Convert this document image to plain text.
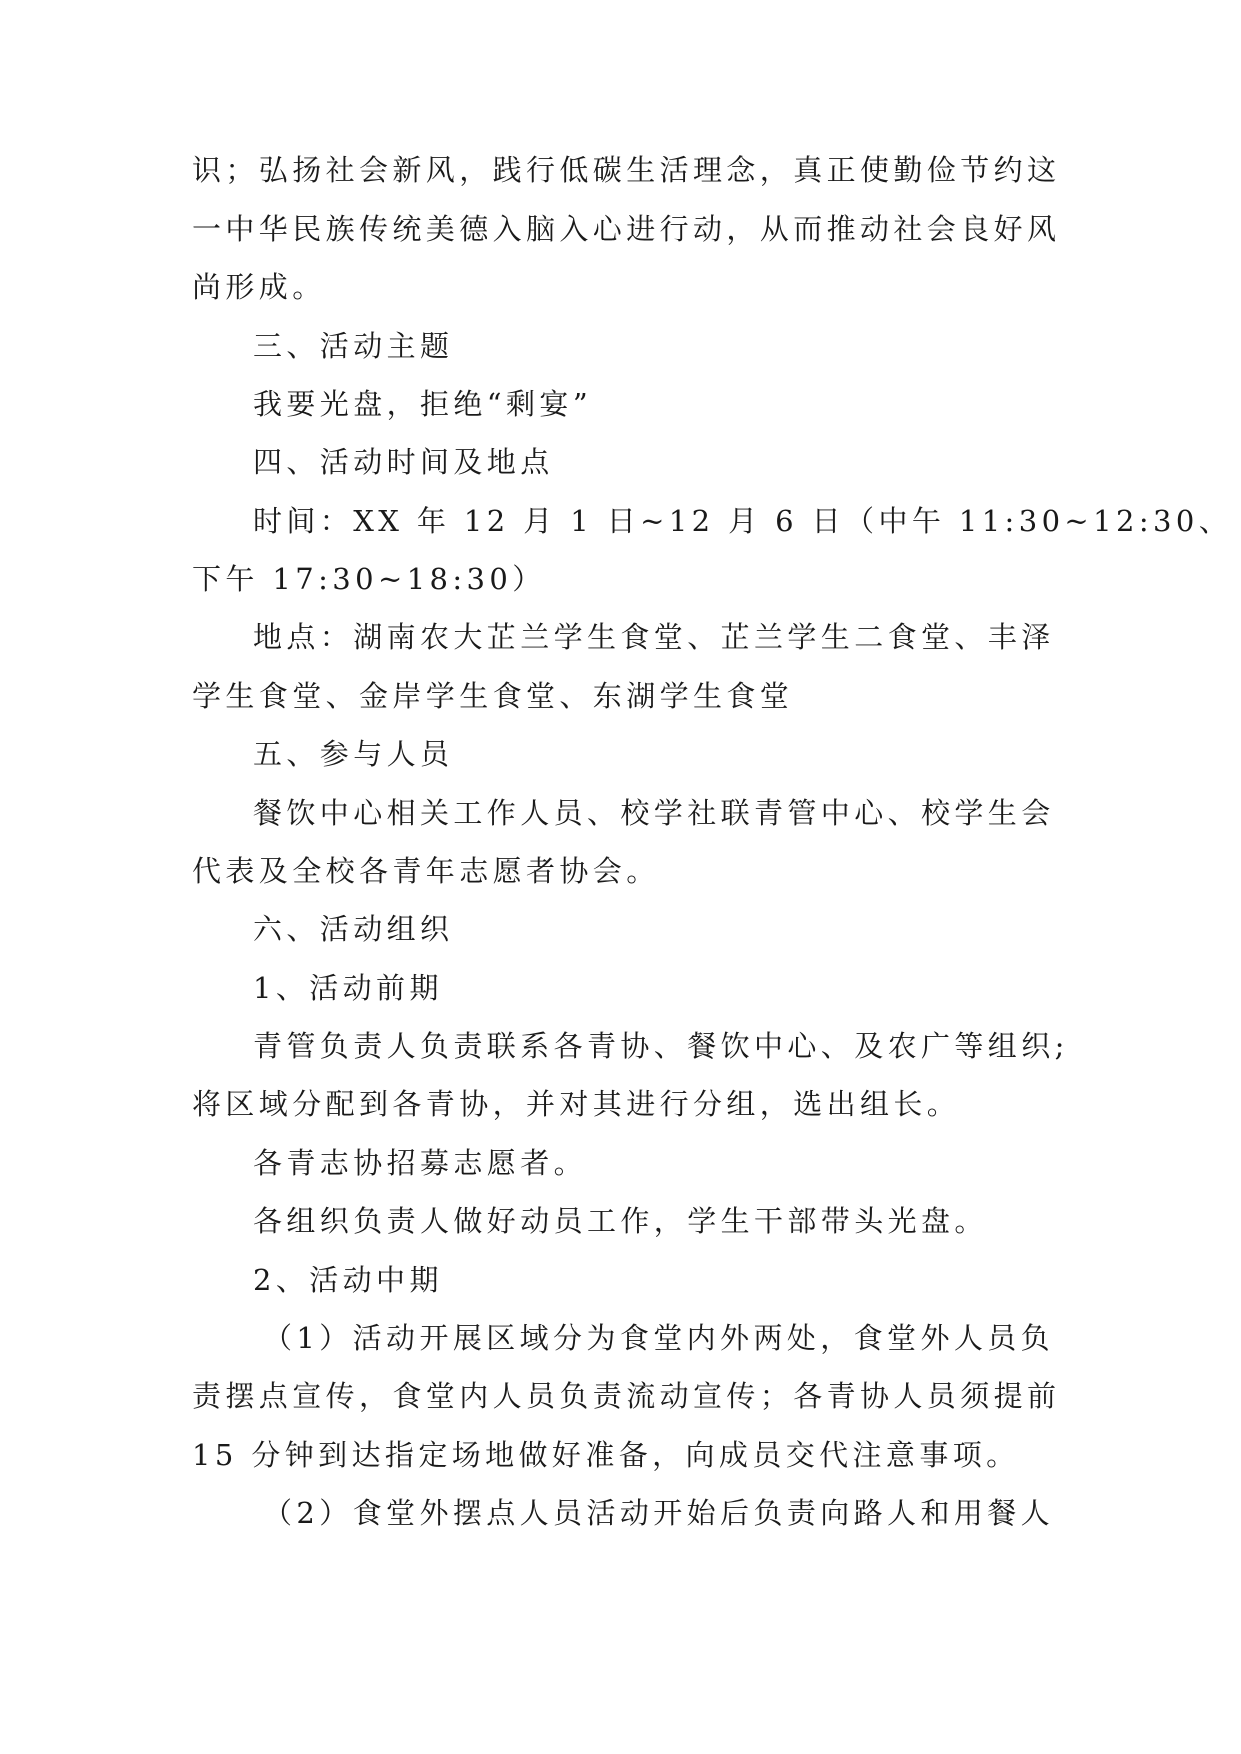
识；弘扬社会新风，践行低碳生活理念，真正使勤俭节约这
一中华民族传统美德入脑入心进行动，从而推动社会良好风
尚形成。
三、活动主题
我要光盘，拒绝“剩宴”
四、活动时间及地点
时间：XX 年 12 月 1 日~12 月 6 日（中午 11:30~12:30、
下午 17:30~18:30）
地点：湖南农大芷兰学生食堂、芷兰学生二食堂、丰泽
学生食堂、金岸学生食堂、东湖学生食堂
五、参与人员
餐饮中心相关工作人员、校学社联青管中心、校学生会
代表及全校各青年志愿者协会。
六、活动组织
1、活动前期
青管负责人负责联系各青协、餐饮中心、及农广等组织;
将区域分配到各青协，并对其进行分组，选出组长。
各青志协招募志愿者。
各组织负责人做好动员工作，学生干部带头光盘。
2、活动中期
（1）活动开展区域分为食堂内外两处，食堂外人员负
责摆点宣传，食堂内人员负责流动宣传；各青协人员须提前
15 分钟到达指定场地做好准备，向成员交代注意事项。
（2）食堂外摆点人员活动开始后负责向路人和用餐人
